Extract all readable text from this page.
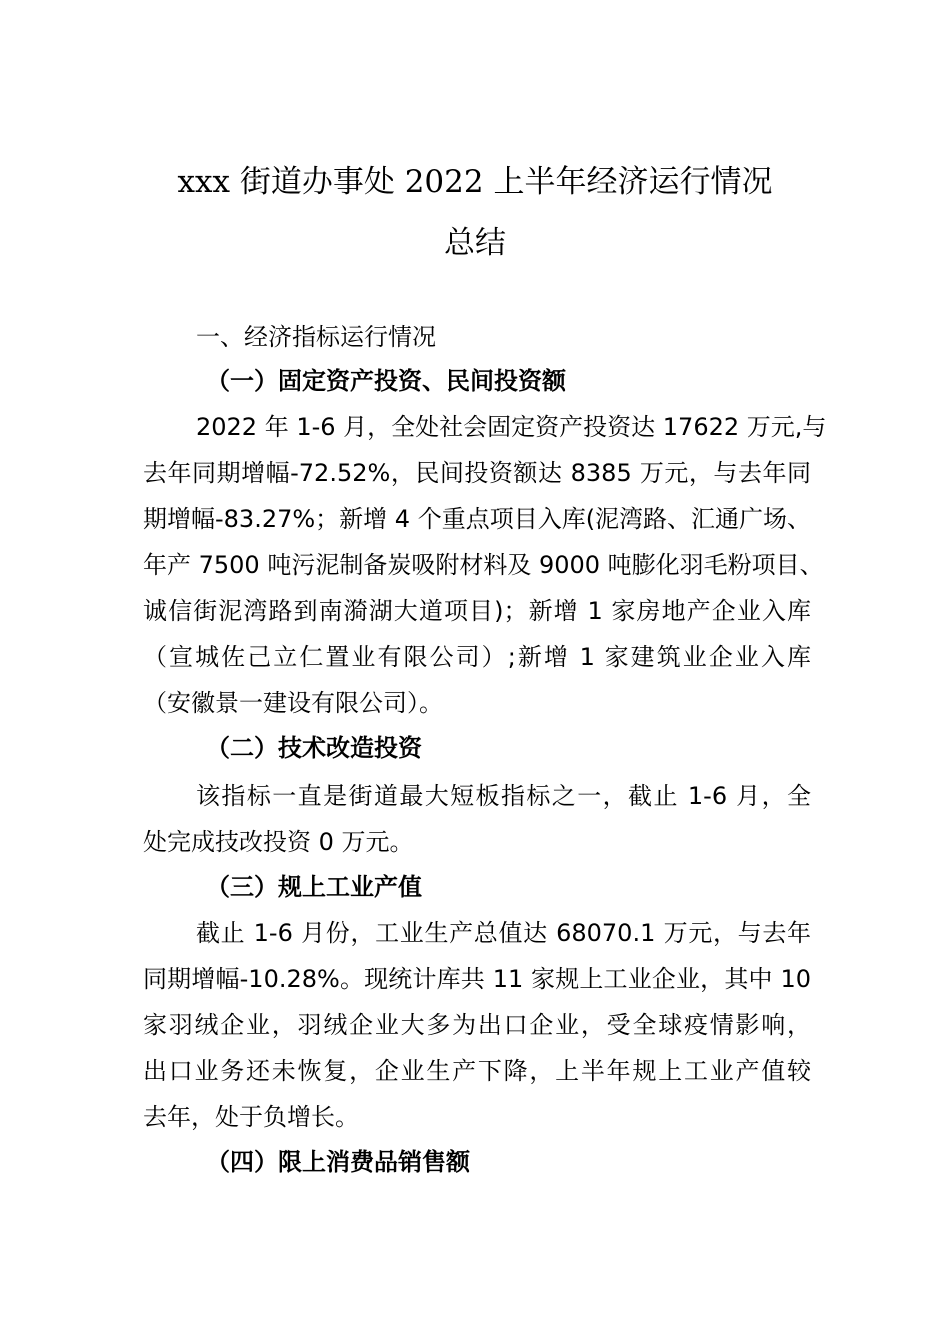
xxx 街道办事处 2022 上半年经济运行情况
总结
一、经济指标运行情况
（一）固定资产投资、民间投资额
2022 年 1-6 月，全处社会固定资产投资达 17622 万元,与
去年同期增幅-72.52%，民间投资额达 8385 万元，与去年同
期增幅-83.27%；新增 4 个重点项目入库(泥湾路、汇通广场、
年产 7500 吨污泥制备炭吸附材料及 9000 吨膨化羽毛粉项目、
诚信街泥湾路到南漪湖大道项目)；新增 1 家房地产企业入库
（宣城佐己立仁置业有限公司）;新增 1 家建筑业企业入库
（安徽景一建设有限公司）。
（二）技术改造投资
该指标一直是街道最大短板指标之一，截止 1-6 月，全
处完成技改投资 0 万元。
（三）规上工业产值
截止 1-6 月份，工业生产总值达 68070.1 万元，与去年
同期增幅-10.28%。现统计库共 11 家规上工业企业，其中 10
家羽绒企业，羽绒企业大多为出口企业，受全球疫情影响，
出口业务还未恢复，企业生产下降，上半年规上工业产值较
去年，处于负增长。
（四）限上消费品销售额
